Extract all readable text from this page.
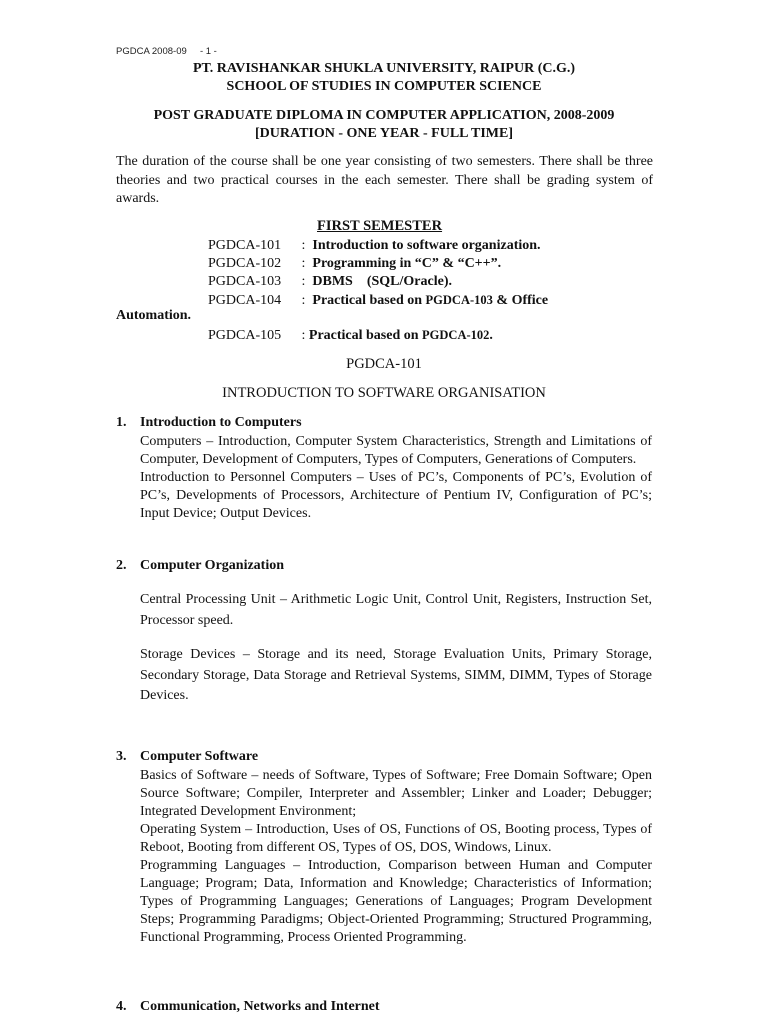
PGDCA 2008-09     - 1 -
PT. RAVISHANKAR SHUKLA UNIVERSITY, RAIPUR (C.G.)
SCHOOL OF STUDIES IN COMPUTER SCIENCE
POST GRADUATE DIPLOMA IN COMPUTER APPLICATION, 2008-2009
[DURATION - ONE YEAR - FULL TIME]
The duration of the course shall be one year consisting of two semesters. There shall be three theories and two practical courses in the each semester. There shall be grading system of awards.
FIRST SEMESTER
PGDCA-101 :  Introduction to software organization.
PGDCA-102 :  Programming in “C” & “C++”.
PGDCA-103 :  DBMS    (SQL/Oracle).
PGDCA-104 :  Practical based on PGDCA-103 & Office
Automation.
PGDCA-105 : Practical based on PGDCA-102.
PGDCA-101
INTRODUCTION TO SOFTWARE ORGANISATION
1. Introduction to Computers

Computers – Introduction, Computer System Characteristics, Strength and Limitations of Computer, Development of Computers, Types of Computers, Generations of Computers.

Introduction to Personnel Computers – Uses of PC’s, Components of PC’s, Evolution of PC’s, Developments of Processors, Architecture of Pentium IV, Configuration of PC’s; Input Device; Output Devices.

2. Computer Organization

Central Processing Unit – Arithmetic Logic Unit, Control Unit, Registers, Instruction Set, Processor speed.

Storage Devices – Storage and its need, Storage Evaluation Units, Primary Storage, Secondary Storage, Data Storage and Retrieval Systems, SIMM, DIMM, Types of Storage Devices.

3. Computer Software

Basics of Software – needs of Software, Types of Software; Free Domain Software; Open Source Software; Compiler, Interpreter and Assembler; Linker and Loader; Debugger; Integrated Development Environment;

Operating System – Introduction, Uses of OS, Functions of OS, Booting process, Types of Reboot, Booting from different OS, Types of OS, DOS, Windows, Linux.

Programming Languages – Introduction, Comparison between Human and Computer Language; Program; Data, Information and Knowledge; Characteristics of Information; Types of Programming Languages; Generations of Languages; Program Development Steps; Programming Paradigms; Object-Oriented Programming; Structured Programming, Functional Programming, Process Oriented Programming.

4. Communication, Networks and Internet
